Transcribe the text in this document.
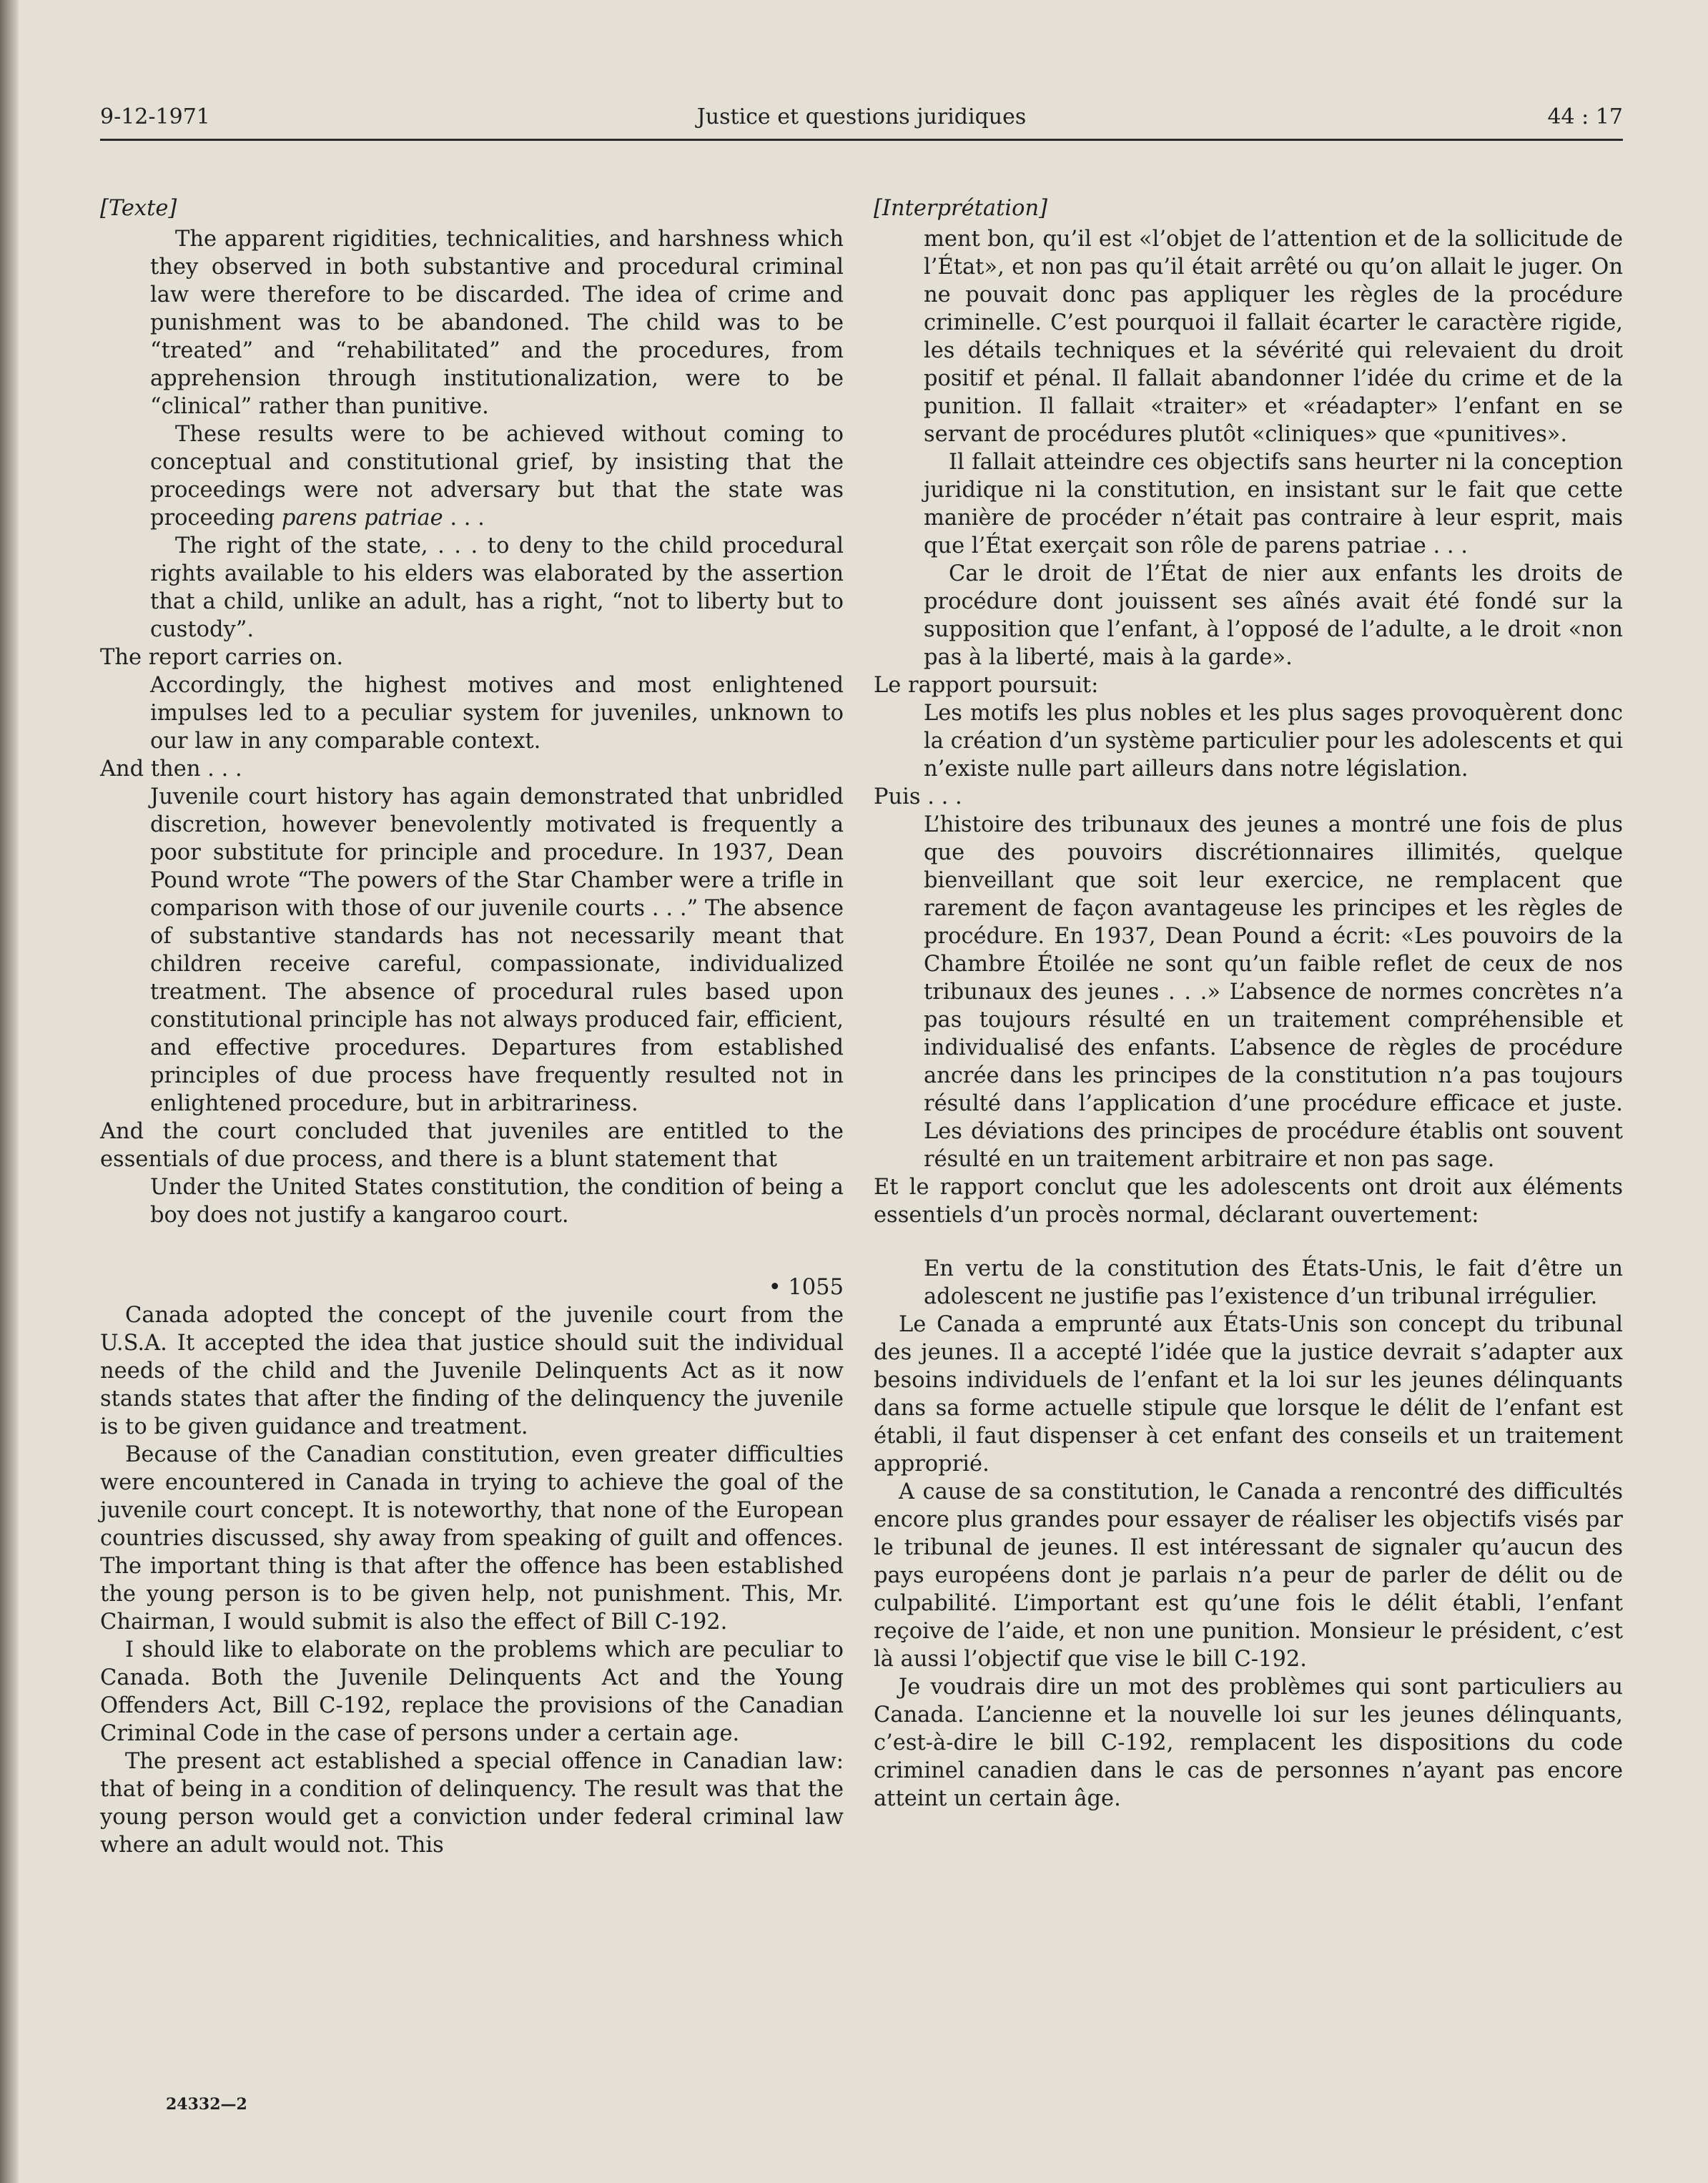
9-12-1971	Justice et questions juridiques	44 : 17

[Texte]

The apparent rigidities, technicalities, and harshness which they observed in both substantive and procedural criminal law were therefore to be discarded. The idea of crime and punishment was to be abandoned. The child was to be “treated” and “rehabilitated” and the procedures, from apprehension through institutionalization, were to be “clinical” rather than punitive.

These results were to be achieved without coming to conceptual and constitutional grief, by insisting that the proceedings were not adversary but that the state was proceeding parens patriae . . .

The right of the state, . . . to deny to the child procedural rights available to his elders was elaborated by the assertion that a child, unlike an adult, has a right, “not to liberty but to custody”.

The report carries on.

Accordingly, the highest motives and most enlightened impulses led to a peculiar system for juveniles, unknown to our law in any comparable context.

And then . . .

Juvenile court history has again demonstrated that unbridled discretion, however benevolently motivated is frequently a poor substitute for principle and procedure. In 1937, Dean Pound wrote “The powers of the Star Chamber were a trifle in comparison with those of our juvenile courts . . .” The absence of substantive standards has not necessarily meant that children receive careful, compassionate, individualized treatment. The absence of procedural rules based upon constitutional principle has not always produced fair, efficient, and effective procedures. Departures from established principles of due process have frequently resulted not in enlightened procedure, but in arbitrariness.

And the court concluded that juveniles are entitled to the essentials of due process, and there is a blunt statement that

Under the United States constitution, the condition of being a boy does not justify a kangaroo court.

• 1055

Canada adopted the concept of the juvenile court from the U.S.A. It accepted the idea that justice should suit the individual needs of the child and the Juvenile Delinquents Act as it now stands states that after the finding of the delinquency the juvenile is to be given guidance and treatment.

Because of the Canadian constitution, even greater difficulties were encountered in Canada in trying to achieve the goal of the juvenile court concept. It is noteworthy, that none of the European countries discussed, shy away from speaking of guilt and offences. The important thing is that after the offence has been established the young person is to be given help, not punishment. This, Mr. Chairman, I would submit is also the effect of Bill C-192.

I should like to elaborate on the problems which are peculiar to Canada. Both the Juvenile Delinquents Act and the Young Offenders Act, Bill C-192, replace the provisions of the Canadian Criminal Code in the case of persons under a certain age.

The present act established a special offence in Canadian law: that of being in a condition of delinquency. The result was that the young person would get a conviction under federal criminal law where an adult would not. This

[Interprétation]

ment bon, qu’il est «l’objet de l’attention et de la sollicitude de l’État», et non pas qu’il était arrêté ou qu’on allait le juger. On ne pouvait donc pas appliquer les règles de la procédure criminelle. C’est pourquoi il fallait écarter le caractère rigide, les détails techniques et la sévérité qui relevaient du droit positif et pénal. Il fallait abandonner l’idée du crime et de la punition. Il fallait «traiter» et «réadapter» l’enfant en se servant de procédures plutôt «cliniques» que «punitives».

Il fallait atteindre ces objectifs sans heurter ni la conception juridique ni la constitution, en insistant sur le fait que cette manière de procéder n’était pas contraire à leur esprit, mais que l’État exerçait son rôle de parens patriae . . .

Car le droit de l’État de nier aux enfants les droits de procédure dont jouissent ses aînés avait été fondé sur la supposition que l’enfant, à l’opposé de l’adulte, a le droit «non pas à la liberté, mais à la garde».

Le rapport poursuit:

Les motifs les plus nobles et les plus sages provoquèrent donc la création d’un système particulier pour les adolescents et qui n’existe nulle part ailleurs dans notre législation.

Puis . . .

L’histoire des tribunaux des jeunes a montré une fois de plus que des pouvoirs discrétionnaires illimités, quelque bienveillant que soit leur exercice, ne remplacent que rarement de façon avantageuse les principes et les règles de procédure. En 1937, Dean Pound a écrit: «Les pouvoirs de la Chambre Étoilée ne sont qu’un faible reflet de ceux de nos tribunaux des jeunes . . .» L’absence de normes concrètes n’a pas toujours résulté en un traitement compréhensible et individualisé des enfants. L’absence de règles de procédure ancrée dans les principes de la constitution n’a pas toujours résulté dans l’application d’une procédure efficace et juste. Les déviations des principes de procédure établis ont souvent résulté en un traitement arbitraire et non pas sage.

Et le rapport conclut que les adolescents ont droit aux éléments essentiels d’un procès normal, déclarant ouvertement:

En vertu de la constitution des États-Unis, le fait d’être un adolescent ne justifie pas l’existence d’un tribunal irrégulier.

Le Canada a emprunté aux États-Unis son concept du tribunal des jeunes. Il a accepté l’idée que la justice devrait s’adapter aux besoins individuels de l’enfant et la loi sur les jeunes délinquants dans sa forme actuelle stipule que lorsque le délit de l’enfant est établi, il faut dispenser à cet enfant des conseils et un traitement approprié.

A cause de sa constitution, le Canada a rencontré des difficultés encore plus grandes pour essayer de réaliser les objectifs visés par le tribunal de jeunes. Il est intéressant de signaler qu’aucun des pays européens dont je parlais n’a peur de parler de délit ou de culpabilité. L’important est qu’une fois le délit établi, l’enfant reçoive de l’aide, et non une punition. Monsieur le président, c’est là aussi l’objectif que vise le bill C-192.

Je voudrais dire un mot des problèmes qui sont particuliers au Canada. L’ancienne et la nouvelle loi sur les jeunes délinquants, c’est-à-dire le bill C-192, remplacent les dispositions du code criminel canadien dans le cas de personnes n’ayant pas encore atteint un certain âge.

24332—2
